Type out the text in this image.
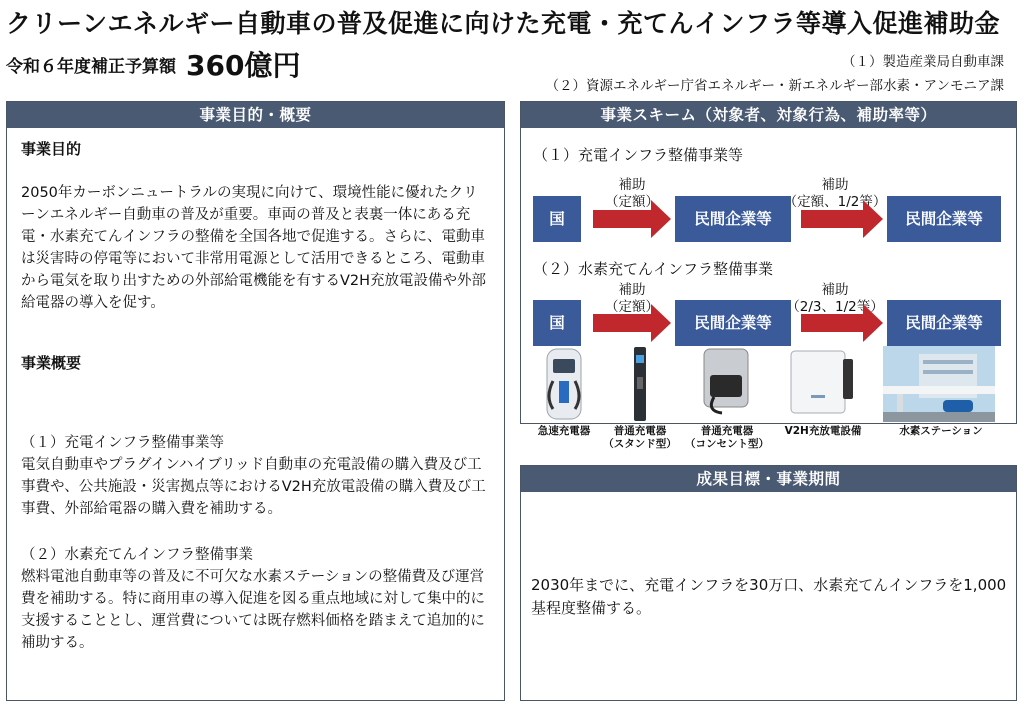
クリーンエネルギー自動車の普及促進に向けた充電・充てんインフラ等導入促進補助金
令和６年度補正予算額 360億円	（１）製造産業局自動車課
（２）資源エネルギー庁省エネルギー・新エネルギー部水素・アンモニア課
事業目的・概要
事業目的
2050年カーボンニュートラルの実現に向けて、環境性能に優れたクリーンエネルギー自動車の普及が重要。車両の普及と表裏一体にある充電・水素充てんインフラの整備を全国各地で促進する。さらに、電動車は災害時の停電等において非常用電源として活用できるところ、電動車から電気を取り出すための外部給電機能を有するV2H充放電設備や外部給電器の導入を促す。
事業概要
（１）充電インフラ整備事業等
電気自動車やプラグインハイブリッド自動車の充電設備の購入費及び工事費や、公共施設・災害拠点等におけるV2H充放電設備の購入費及び工事費、外部給電器の購入費を補助する。
（２）水素充てんインフラ整備事業
燃料電池自動車等の普及に不可欠な水素ステーションの整備費及び運営費を補助する。特に商用車の導入促進を図る重点地域に対して集中的に支援することとし、運営費については既存燃料価格を踏まえて追加的に補助する。
事業スキーム（対象者、対象行為、補助率等）
（１）充電インフラ整備事業等
国
補助
（定額）
民間企業等
補助
（定額、1/2等）
民間企業等
（２）水素充てんインフラ整備事業
国
補助
（定額）
民間企業等
補助
（2/3、1/2等）
民間企業等
急速充電器	普通充電器
（スタンド型）
普通充電器
（コンセント型）
V2H充放電設備	水素ステーション
成果目標・事業期間
2030年までに、充電インフラを30万口、水素充てんインフラを1,000基程度整備する。
